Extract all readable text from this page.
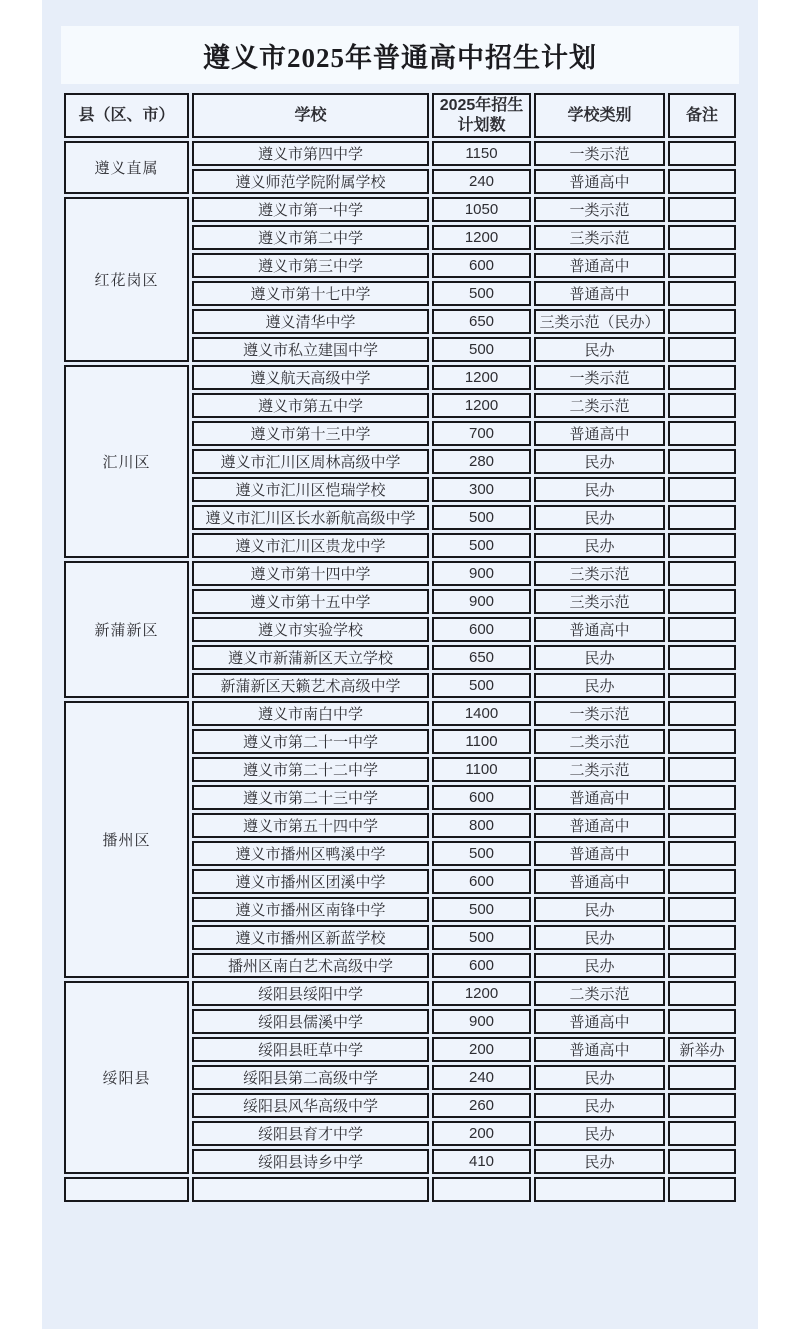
遵义市2025年普通高中招生计划
县（区、市）	学校	2025年招生计划数	学校类别	备注
遵义直属	遵义市第四中学	1150	一类示范	
	遵义师范学院附属学校	240	普通高中	
红花岗区	遵义市第一中学	1050	一类示范	
	遵义市第二中学	1200	三类示范	
	遵义市第三中学	600	普通高中	
	遵义市第十七中学	500	普通高中	
	遵义清华中学	650	三类示范（民办）	
	遵义市私立建国中学	500	民办	
汇川区	遵义航天高级中学	1200	一类示范	
	遵义市第五中学	1200	二类示范	
	遵义市第十三中学	700	普通高中	
	遵义市汇川区周林高级中学	280	民办	
	遵义市汇川区恺瑞学校	300	民办	
	遵义市汇川区长水新航高级中学	500	民办	
	遵义市汇川区贵龙中学	500	民办	
新蒲新区	遵义市第十四中学	900	三类示范	
	遵义市第十五中学	900	三类示范	
	遵义市实验学校	600	普通高中	
	遵义市新蒲新区天立学校	650	民办	
	新蒲新区天籁艺术高级中学	500	民办	
播州区	遵义市南白中学	1400	一类示范	
	遵义市第二十一中学	1100	二类示范	
	遵义市第二十二中学	1100	二类示范	
	遵义市第二十三中学	600	普通高中	
	遵义市第五十四中学	800	普通高中	
	遵义市播州区鸭溪中学	500	普通高中	
	遵义市播州区团溪中学	600	普通高中	
	遵义市播州区南锋中学	500	民办	
	遵义市播州区新蓝学校	500	民办	
	播州区南白艺术高级中学	600	民办	
绥阳县	绥阳县绥阳中学	1200	二类示范	
	绥阳县儒溪中学	900	普通高中	
	绥阳县旺草中学	200	普通高中	新举办
	绥阳县第二高级中学	240	民办	
	绥阳县风华高级中学	260	民办	
	绥阳县育才中学	200	民办	
	绥阳县诗乡中学	410	民办	
